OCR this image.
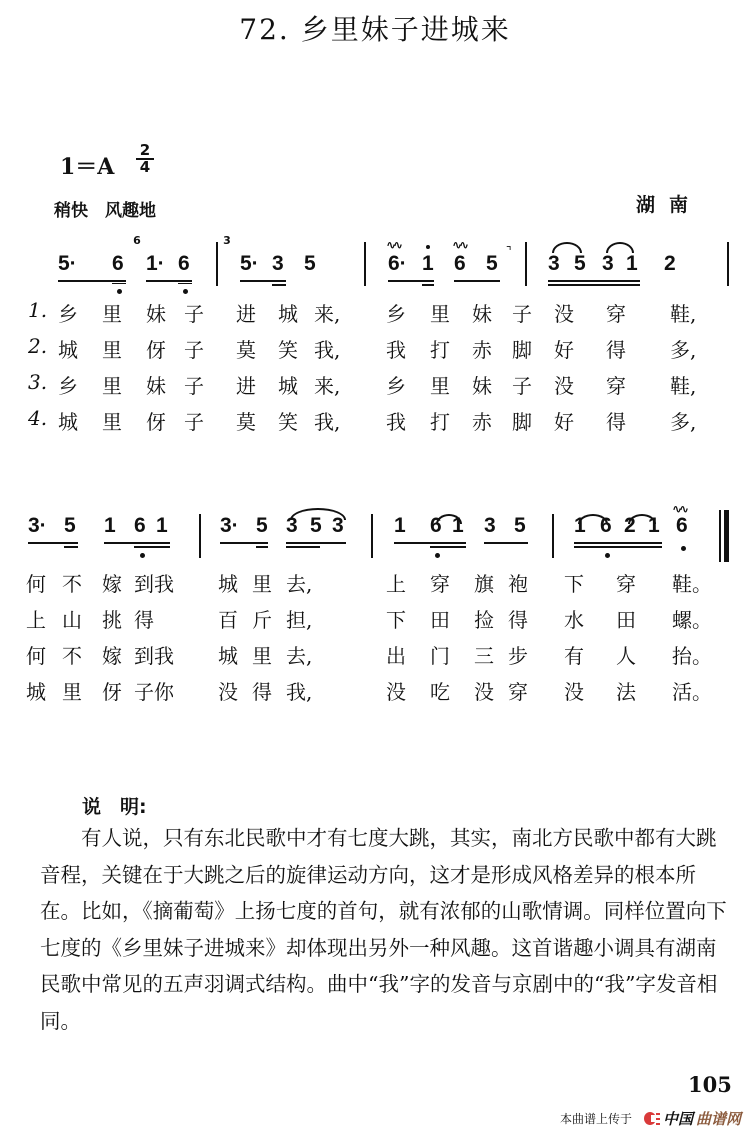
72. 乡里妹子进城来
1＝A
2
4
稍快　风趣地	湖南
5· 6
6
1· 6
3
5· 3 5
∿∿
6· 1
∿∿
6 5
⌝
3 5 3 1 2
1.
2.
3.
4.
3· 5 1 6 1 3· 5 3 5 3 1 6 1 3 5 1 6 2 1
∿∿
6
乡 里 妹 子 进 城 来, 乡 里 妹 子 没 穿 鞋,
城 里 伢 子 莫 笑 我, 我 打 赤 脚 好 得 多,
乡 里 妹 子 进 城 来, 乡 里 妹 子 没 穿 鞋,
城 里 伢 子 莫 笑 我, 我 打 赤 脚 好 得 多,
何 不 嫁 到我 城 里 去,	上 穿 旗 袍 下 穿 鞋。
上 山 挑 得	百 斤 担,	下 田 捡 得 水 田 螺。
何 不 嫁 到我 城 里 去,	出 门 三 步 有 人 抬。
城 里 伢 子你 没 得 我,	没 吃 没 穿 没 法 活。
说　明:

有人说，只有东北民歌中才有七度大跳，其实，南北方民歌中都有大跳音程，关键在于大跳之后的旋律运动方向，这才是形成风格差异的根本所在。比如，《摘葡萄》上扬七度的首句，就有浓郁的山歌情调。同样位置向下七度的《乡里妹子进城来》却体现出另外一种风趣。这首谐趣小调具有湖南民歌中常见的五声羽调式结构。曲中“我”字的发音与京剧中的“我”字发音相同。

105
本曲谱上传于 中国 曲谱网
